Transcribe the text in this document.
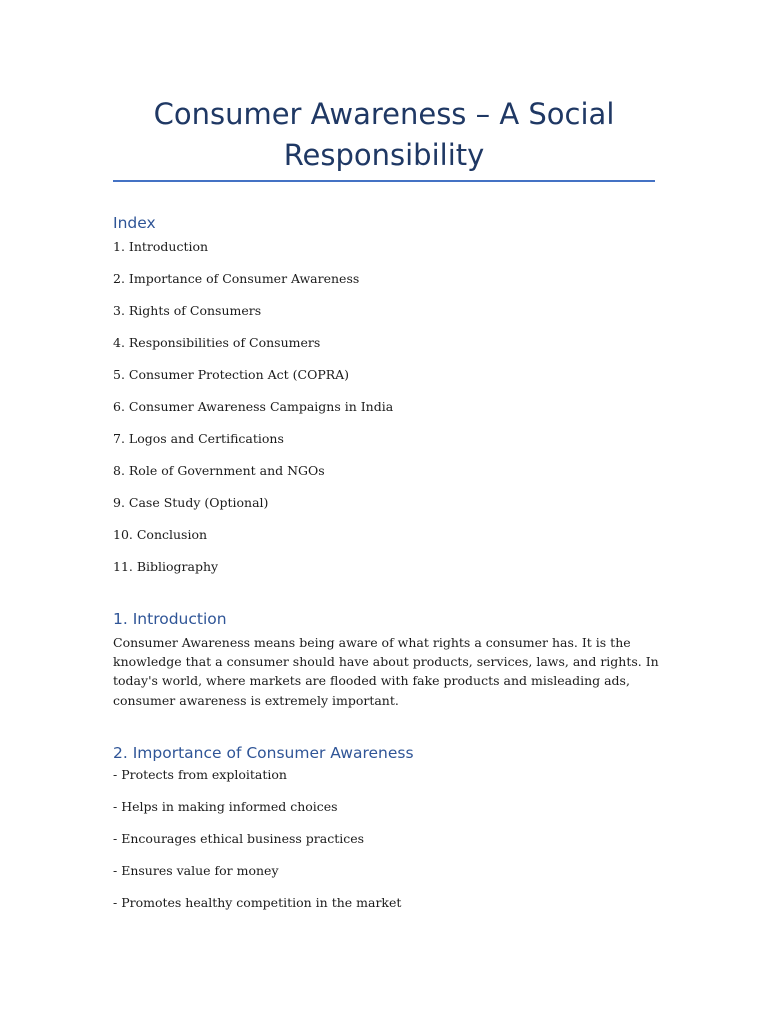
Consumer Awareness – A Social Responsibility
Index

1. Introduction

2. Importance of Consumer Awareness

3. Rights of Consumers

4. Responsibilities of Consumers

5. Consumer Protection Act (COPRA)

6. Consumer Awareness Campaigns in India

7. Logos and Certifications

8. Role of Government and NGOs

9. Case Study (Optional)

10. Conclusion

11. Bibliography

1. Introduction

Consumer Awareness means being aware of what rights a consumer has. It is the knowledge that a consumer should have about products, services, laws, and rights. In today's world, where markets are flooded with fake products and misleading ads, consumer awareness is extremely important.

2. Importance of Consumer Awareness

- Protects from exploitation

- Helps in making informed choices

- Encourages ethical business practices

- Ensures value for money

- Promotes healthy competition in the market
